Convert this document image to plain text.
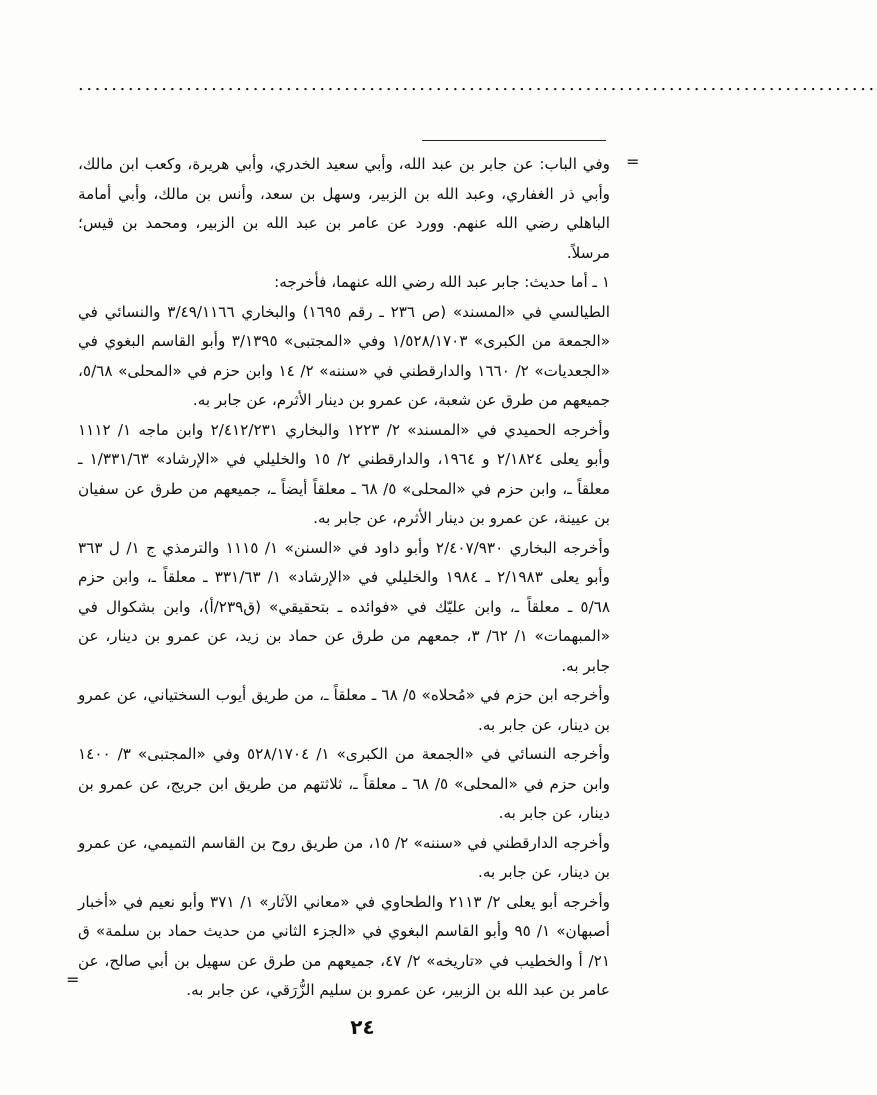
................................................................................................
=

وفي الباب: عن جابر بن عبد الله، وأبي سعيد الخدري، وأبي هريرة، وكعب ابن مالك، وأبي ذر الغفاري، وعبد الله بن الزبير، وسهل بن سعد، وأنس بن مالك، وأبي أمامة الباهلي رضي الله عنهم. وورد عن عامر بن عبد الله بن الزبير، ومحمد بن قيس؛ مرسلاً.

١ ـ أما حديث: جابر عبد الله رضي الله عنهما، فأخرجه:

الطيالسي في «المسند» (ص ٢٣٦ ـ رقم ١٦٩٥) والبخاري ٣/٤٩/١١٦٦ والنسائي في «الجمعة من الكبرى» ١/٥٢٨/١٧٠٣ وفي «المجتبى» ٣/١٣٩٥ وأبو القاسم البغوي في «الجعديات» ٢/ ١٦٦٠ والدارقطني في «سننه» ٢/ ١٤ وابن حزم في «المحلى» ٥/٦٨، جميعهم من طرق عن شعبة، عن عمرو بن دينار الأثرم، عن جابر به.

وأخرجه الحميدي في «المسند» ٢/ ١٢٢٣ والبخاري ٢/٤١٢/٢٣١ وابن ماجه ١/ ١١١٢ وأبو يعلى ٢/١٨٢٤ و ١٩٦٤، والدارقطني ٢/ ١٥ والخليلي في «الإرشاد» ١/٣٣١/٦٣ ـ معلقاً ـ، وابن حزم في «المحلى» ٥/ ٦٨ ـ معلقاً أيضاً ـ، جميعهم من طرق عن سفيان بن عيينة، عن عمرو بن دينار الأثرم، عن جابر به.

وأخرجه البخاري ٢/٤٠٧/٩٣٠ وأبو داود في «السنن» ١/ ١١١٥ والترمذي ج ١/ ل ٣٦٣ وأبو يعلى ٢/١٩٨٣ ـ ١٩٨٤ والخليلي في «الإرشاد» ١/ ٣٣١/٦٣ ـ معلقاً ـ، وابن حزم ٥/٦٨ ـ معلقاً ـ، وابن عليّك في «فوائده ـ بتحقيقي» (ق٢٣٩/أ)، وابن بشكوال في «المبهمات» ١/ ٦٢/ ٣، جمعهم من طرق عن حماد بن زيد، عن عمرو بن دينار، عن جابر به.

وأخرجه ابن حزم في «مُحلاه» ٥/ ٦٨ ـ معلقاً ـ، من طريق أيوب السختياني، عن عمرو بن دينار، عن جابر به.

وأخرجه النسائي في «الجمعة من الكبرى» ١/ ٥٢٨/١٧٠٤ وفي «المجتبى» ٣/ ١٤٠٠ وابن حزم في «المحلى» ٥/ ٦٨ ـ معلقاً ـ، ثلاثتهم من طريق ابن جريج، عن عمرو بن دينار، عن جابر به.

وأخرجه الدارقطني في «سننه» ٢/ ١٥، من طريق روح بن القاسم التميمي، عن عمرو بن دينار، عن جابر به.

وأخرجه أبو يعلى ٢/ ٢١١٣ والطحاوي في «معاني الآثار» ١/ ٣٧١ وأبو نعيم في «أخبار أصبهان» ١/ ٩٥ وأبو القاسم البغوي في «الجزء الثاني من حديث حماد بن سلمة» ق ٢١/ أ والخطيب في «تاريخه» ٢/ ٤٧، جميعهم من طرق عن سهيل بن أبي صالح، عن عامر بن عبد الله بن الزبير، عن عمرو بن سليم الزُّرَقي، عن جابر به.

=
٢٤
